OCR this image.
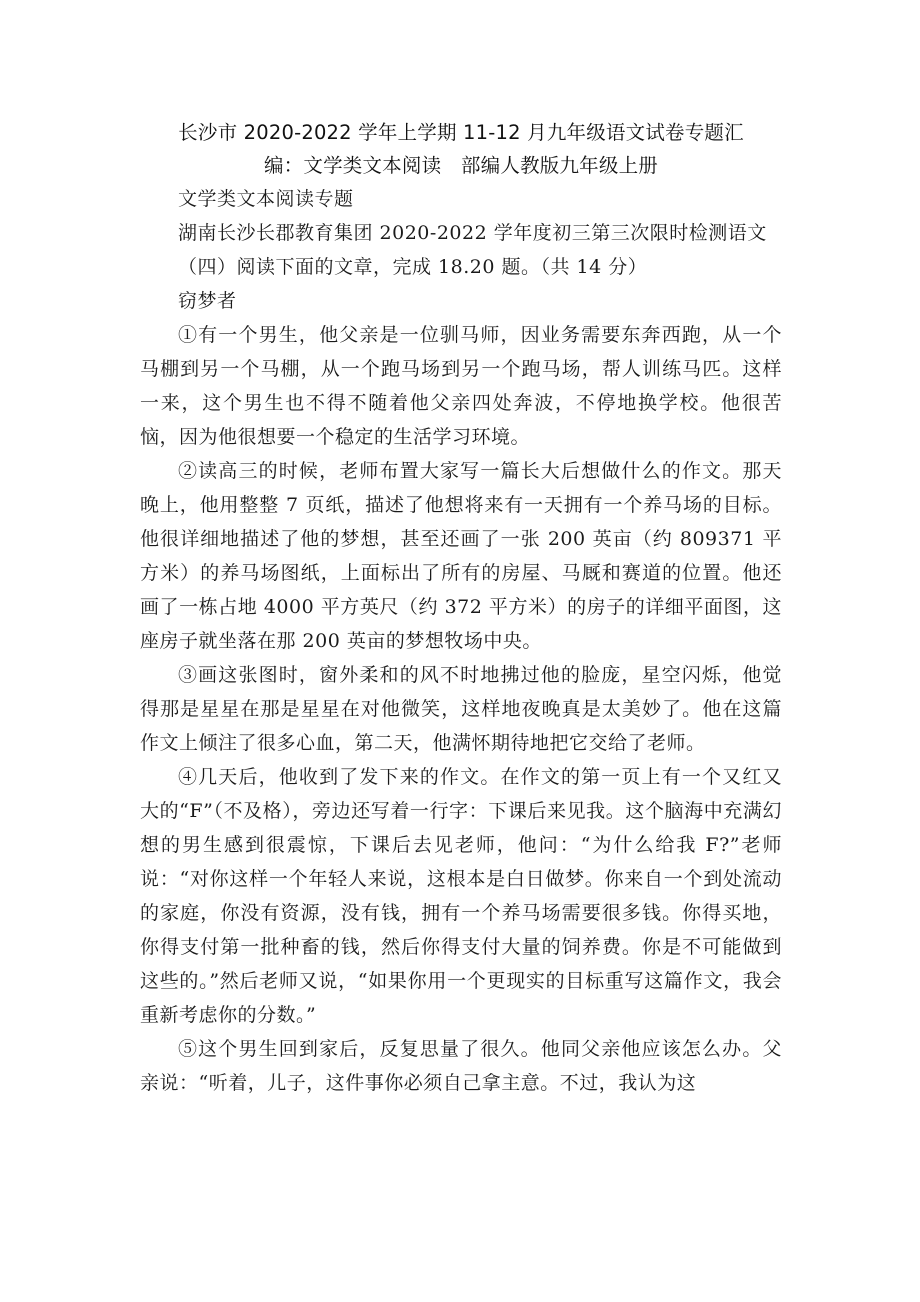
长沙市 2020-2022 学年上学期 11-12 月九年级语文试卷专题汇
编：文学类文本阅读　部编人教版九年级上册

文学类文本阅读专题

湖南长沙长郡教育集团 2020-2022 学年度初三第三次限时检测语文

（四）阅读下面的文章，完成 18.20 题。（共 14 分）

窃梦者

①有一个男生，他父亲是一位驯马师，因业务需要东奔西跑，从一个马棚到另一个马棚，从一个跑马场到另一个跑马场，帮人训练马匹。这样一来，这个男生也不得不随着他父亲四处奔波，不停地换学校。他很苦恼，因为他很想要一个稳定的生活学习环境。

②读高三的时候，老师布置大家写一篇长大后想做什么的作文。那天晚上，他用整整 7 页纸，描述了他想将来有一天拥有一个养马场的目标。他很详细地描述了他的梦想，甚至还画了一张 200 英亩（约 809371 平方米）的养马场图纸，上面标出了所有的房屋、马厩和赛道的位置。他还画了一栋占地 4000 平方英尺（约 372 平方米）的房子的详细平面图，这座房子就坐落在那 200 英亩的梦想牧场中央。

③画这张图时，窗外柔和的风不时地拂过他的脸庞，星空闪烁，他觉得那是星星在那是星星在对他微笑，这样地夜晚真是太美妙了。他在这篇作文上倾注了很多心血，第二天，他满怀期待地把它交给了老师。

④几天后，他收到了发下来的作文。在作文的第一页上有一个又红又大的“F”（不及格），旁边还写着一行字：下课后来见我。这个脑海中充满幻想的男生感到很震惊，下课后去见老师，他问：“为什么给我 F?”老师说：“对你这样一个年轻人来说，这根本是白日做梦。你来自一个到处流动的家庭，你没有资源，没有钱，拥有一个养马场需要很多钱。你得买地，你得支付第一批种畜的钱，然后你得支付大量的饲养费。你是不可能做到这些的。”然后老师又说，“如果你用一个更现实的目标重写这篇作文，我会重新考虑你的分数。”

⑤这个男生回到家后，反复思量了很久。他同父亲他应该怎么办。父亲说：“听着，儿子，这件事你必须自己拿主意。不过，我认为这
